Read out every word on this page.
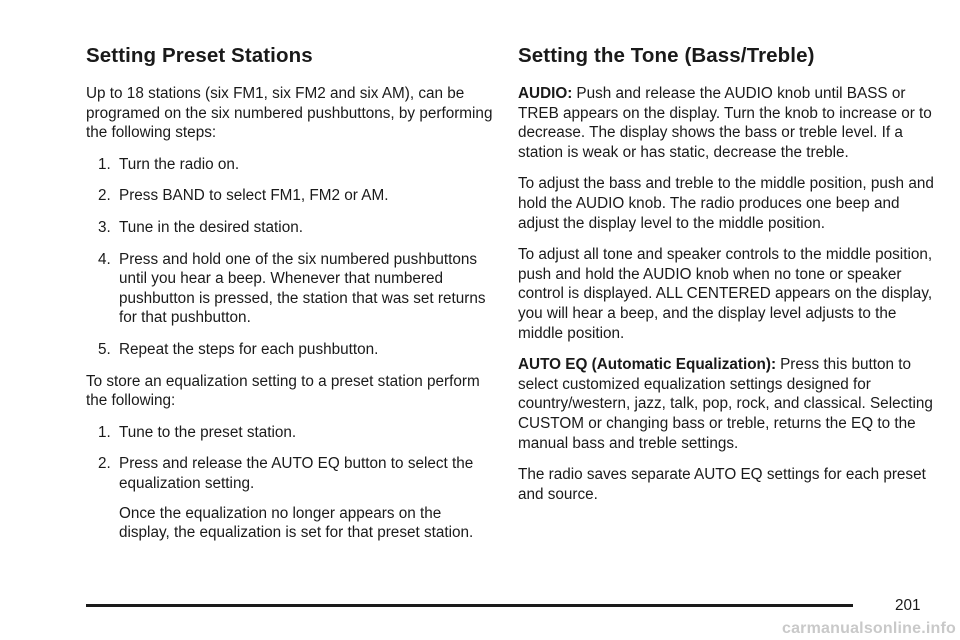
Setting Preset Stations

Up to 18 stations (six FM1, six FM2 and six AM), can be programed on the six numbered pushbuttons, by performing the following steps:

1. Turn the radio on.
2. Press BAND to select FM1, FM2 or AM.
3. Tune in the desired station.
4. Press and hold one of the six numbered pushbuttons until you hear a beep. Whenever that numbered pushbutton is pressed, the station that was set returns for that pushbutton.
5. Repeat the steps for each pushbutton.

To store an equalization setting to a preset station perform the following:

1. Tune to the preset station.
2. Press and release the AUTO EQ button to select the equalization setting.

Once the equalization no longer appears on the display, the equalization is set for that preset station.

Setting the Tone (Bass/Treble)

AUDIO: Push and release the AUDIO knob until BASS or TREB appears on the display. Turn the knob to increase or to decrease. The display shows the bass or treble level. If a station is weak or has static, decrease the treble.

To adjust the bass and treble to the middle position, push and hold the AUDIO knob. The radio produces one beep and adjust the display level to the middle position.

To adjust all tone and speaker controls to the middle position, push and hold the AUDIO knob when no tone or speaker control is displayed. ALL CENTERED appears on the display, you will hear a beep, and the display level adjusts to the middle position.

AUTO EQ (Automatic Equalization): Press this button to select customized equalization settings designed for country/western, jazz, talk, pop, rock, and classical. Selecting CUSTOM or changing bass or treble, returns the EQ to the manual bass and treble settings.

The radio saves separate AUTO EQ settings for each preset and source.

201
carmanualsonline.info
